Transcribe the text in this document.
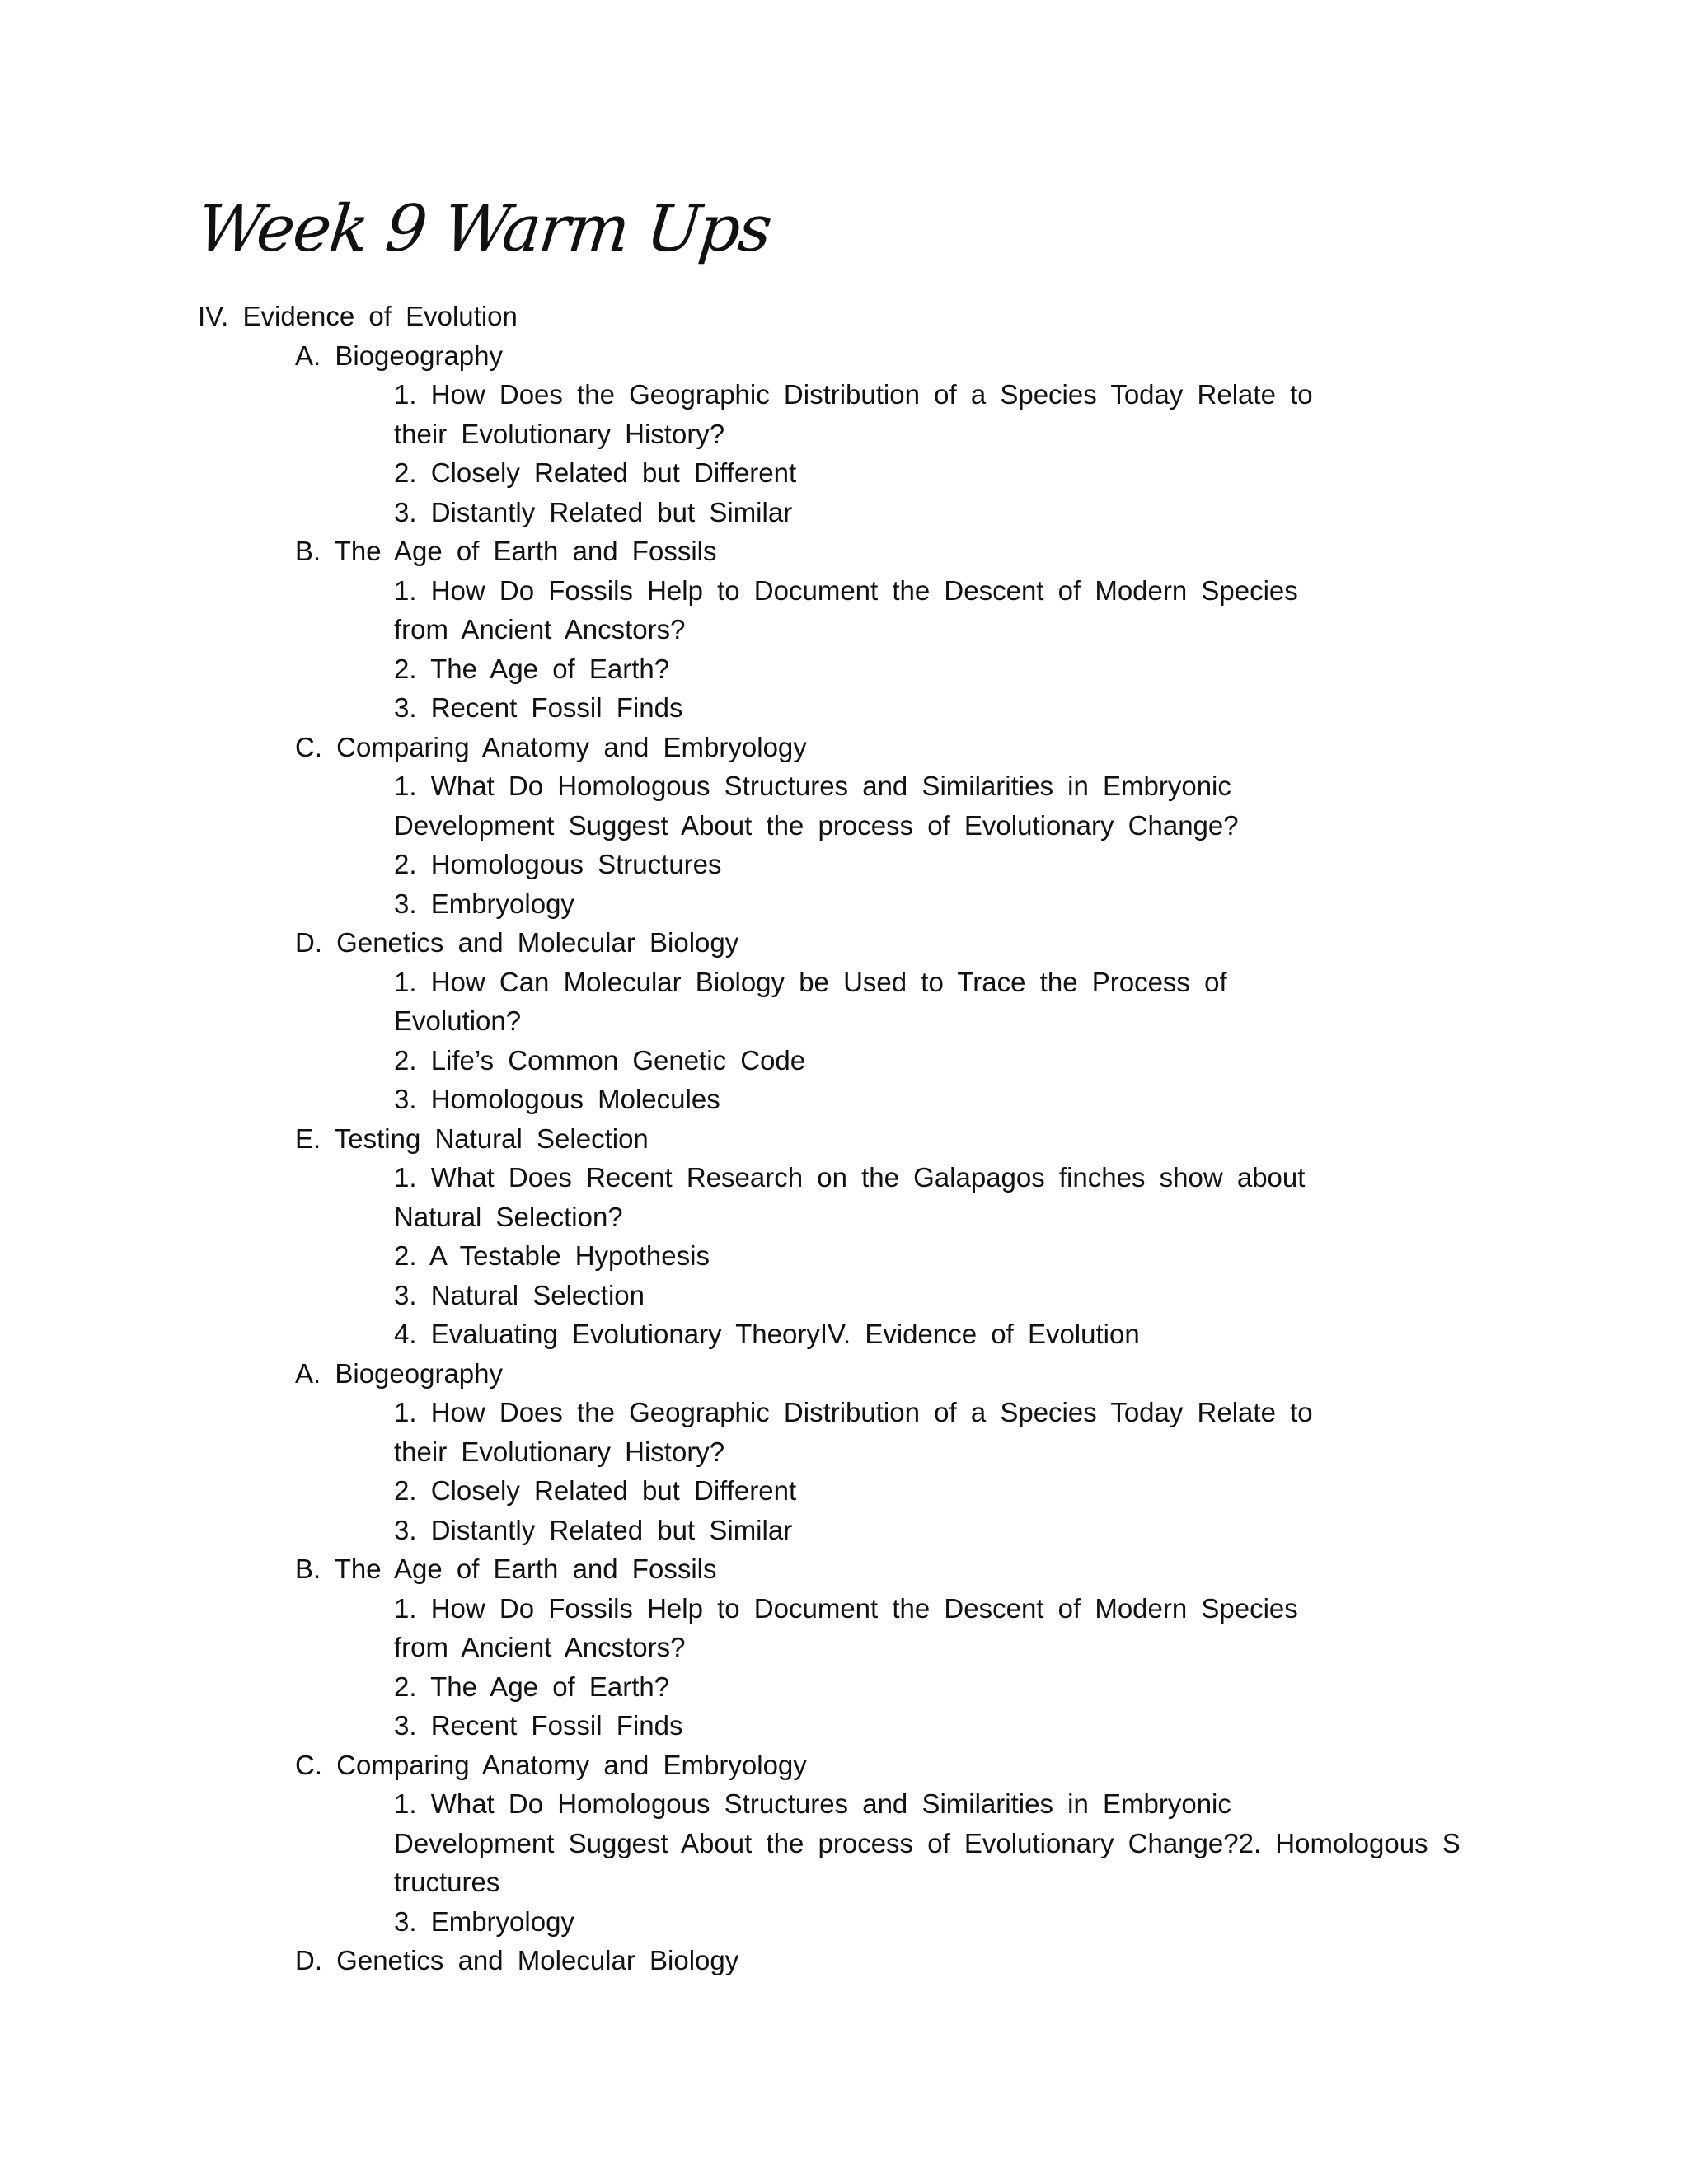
Week 9 Warm Ups
IV. Evidence of Evolution
A. Biogeography
1. How Does the Geographic Distribution of a Species Today Relate to
their Evolutionary History?
2. Closely Related but Different
3. Distantly Related but Similar
B. The Age of Earth and Fossils
1. How Do Fossils Help to Document the Descent of Modern Species
from Ancient Ancstors?
2. The Age of Earth?
3. Recent Fossil Finds
C. Comparing Anatomy and Embryology
1. What Do Homologous Structures and Similarities in Embryonic
Development Suggest About the process of Evolutionary Change?
2. Homologous Structures
3. Embryology
D. Genetics and Molecular Biology
1. How Can Molecular Biology be Used to Trace the Process of
Evolution?
2. Life’s Common Genetic Code
3. Homologous Molecules
E. Testing Natural Selection
1. What Does Recent Research on the Galapagos finches show about
Natural Selection?
2. A Testable Hypothesis
3. Natural Selection
4. Evaluating Evolutionary TheoryIV. Evidence of Evolution
A. Biogeography
1. How Does the Geographic Distribution of a Species Today Relate to
their Evolutionary History?
2. Closely Related but Different
3. Distantly Related but Similar
B. The Age of Earth and Fossils
1. How Do Fossils Help to Document the Descent of Modern Species
from Ancient Ancstors?
2. The Age of Earth?
3. Recent Fossil Finds
C. Comparing Anatomy and Embryology
1. What Do Homologous Structures and Similarities in Embryonic
Development Suggest About the process of Evolutionary Change?2. Homologous S
tructures
3. Embryology
D. Genetics and Molecular Biology
